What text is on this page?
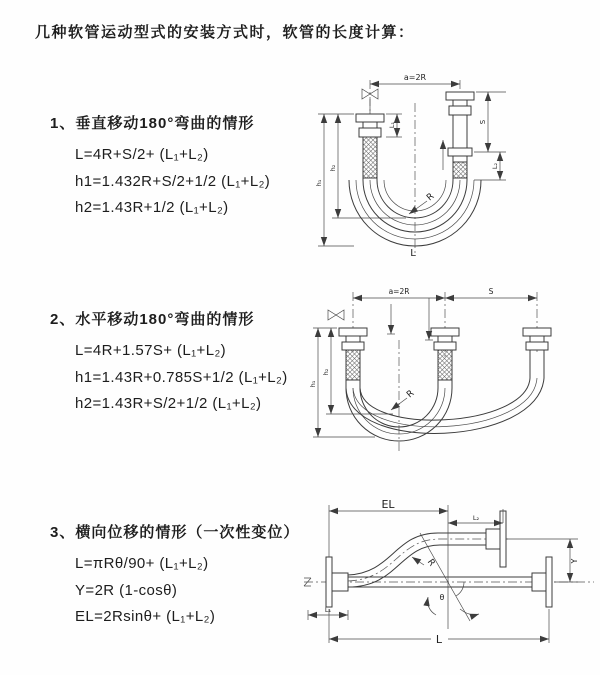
几种软管运动型式的安装方式时，软管的长度计算：
1、垂直移动180°弯曲的情形
L=4R+S/2+ (L₁+L₂)
h1=1.432R+S/2+1/2 (L₁+L₂)
h2=1.43R+1/2 (L₁+L₂)
2、水平移动180°弯曲的情形
L=4R+1.57S+ (L₁+L₂)
h1=1.43R+0.785S+1/2 (L₁+L₂)
h2=1.43R+S/2+1/2 (L₁+L₂)
3、横向位移的情形（一次性变位）
L=πRθ/90+ (L₁+L₂)
Y=2R (1-cosθ)
EL=2Rsinθ+ (L₁+L₂)
a=2R
L₁	S
L₂
h₁
h₂
R
L
a=2R	S
h₁
h₂
R
EL
L₂
Y
θ
R
L₁
L
